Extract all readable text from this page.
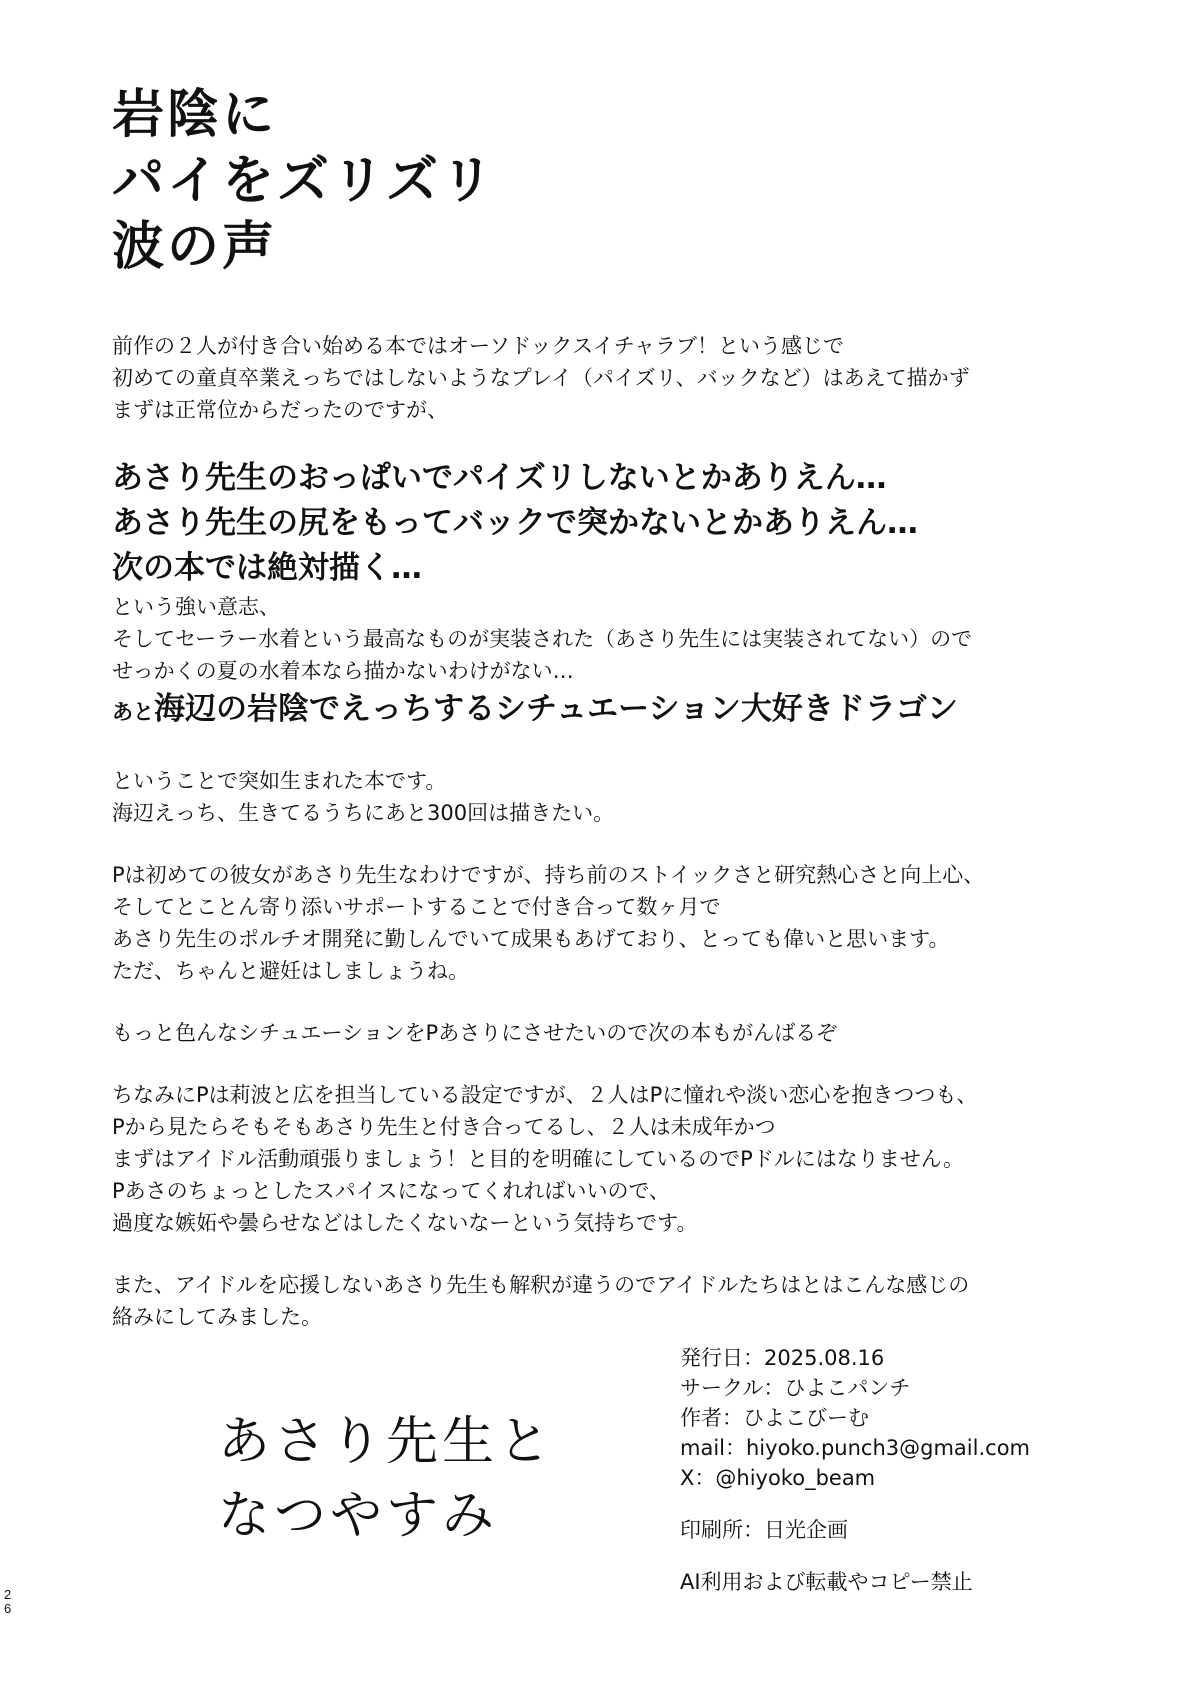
岩陰に
パイをズリズリ
波の声
前作の２人が付き合い始める本ではオーソドックスイチャラブ！という感じで
初めての童貞卒業えっちではしないようなプレイ（パイズリ、バックなど）はあえて描かず
まずは正常位からだったのですが、
あさり先生のおっぱいでパイズリしないとかありえん…
あさり先生の尻をもってバックで突かないとかありえん…
次の本では絶対描く…
という強い意志、
そしてセーラー水着という最高なものが実装された（あさり先生には実装されてない）ので
せっかくの夏の水着本なら描かないわけがない…
あと海辺の岩陰でえっちするシチュエーション大好きドラゴン
ということで突如生まれた本です。
海辺えっち、生きてるうちにあと300回は描きたい。
Pは初めての彼女があさり先生なわけですが、持ち前のストイックさと研究熱心さと向上心、
そしてとことん寄り添いサポートすることで付き合って数ヶ月で
あさり先生のポルチオ開発に勤しんでいて成果もあげており、とっても偉いと思います。
ただ、ちゃんと避妊はしましょうね。
もっと色んなシチュエーションをPあさりにさせたいので次の本もがんばるぞ
ちなみにPは莉波と広を担当している設定ですが、２人はPに憧れや淡い恋心を抱きつつも、
Pから見たらそもそもあさり先生と付き合ってるし、２人は未成年かつ
まずはアイドル活動頑張りましょう！と目的を明確にしているのでPドルにはなりません。
Pあさのちょっとしたスパイスになってくれればいいので、
過度な嫉妬や曇らせなどはしたくないなーという気持ちです。
また、アイドルを応援しないあさり先生も解釈が違うのでアイドルたちはとはこんな感じの
絡みにしてみました。
あさり先生と
なつやすみ
発行日：2025.08.16
サークル：ひよこパンチ
作者：ひよこびーむ
mail：hiyoko.punch3@gmail.com
X：@hiyoko_beam
印刷所：日光企画
AI利用および転載やコピー禁止
2
6
